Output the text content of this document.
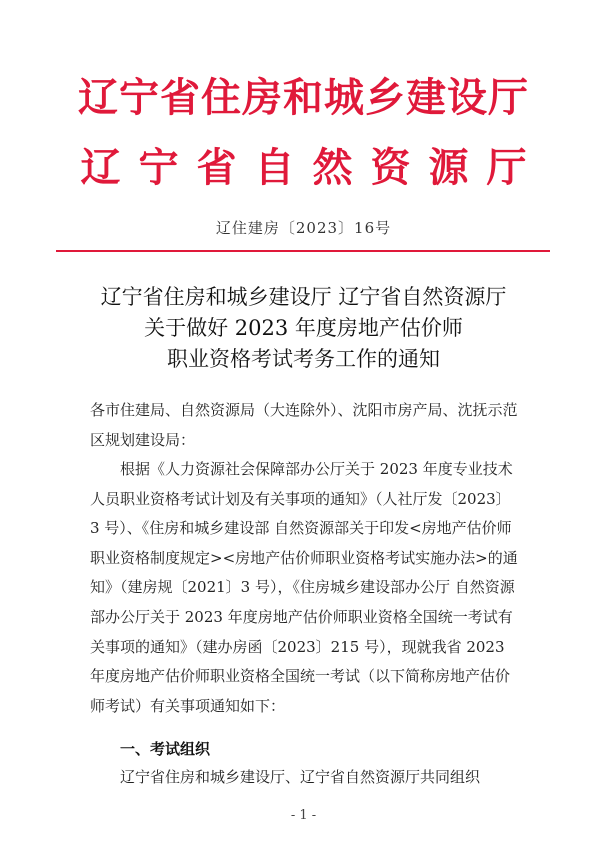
辽宁省住房和城乡建设厅
辽宁省自然资源厅
辽住建房〔2023〕16号
辽宁省住房和城乡建设厅 辽宁省自然资源厅
关于做好 2023 年度房地产估价师
职业资格考试考务工作的通知
各市住建局、自然资源局（大连除外）、沈阳市房产局、沈抚示范区规划建设局：
根据《人力资源社会保障部办公厅关于 2023 年度专业技术人员职业资格考试计划及有关事项的通知》（人社厅发〔2023〕3 号）、《住房和城乡建设部 自然资源部关于印发<房地产估价师职业资格制度规定><房地产估价师职业资格考试实施办法>的通知》（建房规〔2021〕3 号），《住房城乡建设部办公厅 自然资源部办公厅关于 2023 年度房地产估价师职业资格全国统一考试有关事项的通知》（建办房函〔2023〕215 号），现就我省 2023 年度房地产估价师职业资格全国统一考试（以下简称房地产估价师考试）有关事项通知如下：
一、考试组织
辽宁省住房和城乡建设厅、辽宁省自然资源厅共同组织
- 1 -
